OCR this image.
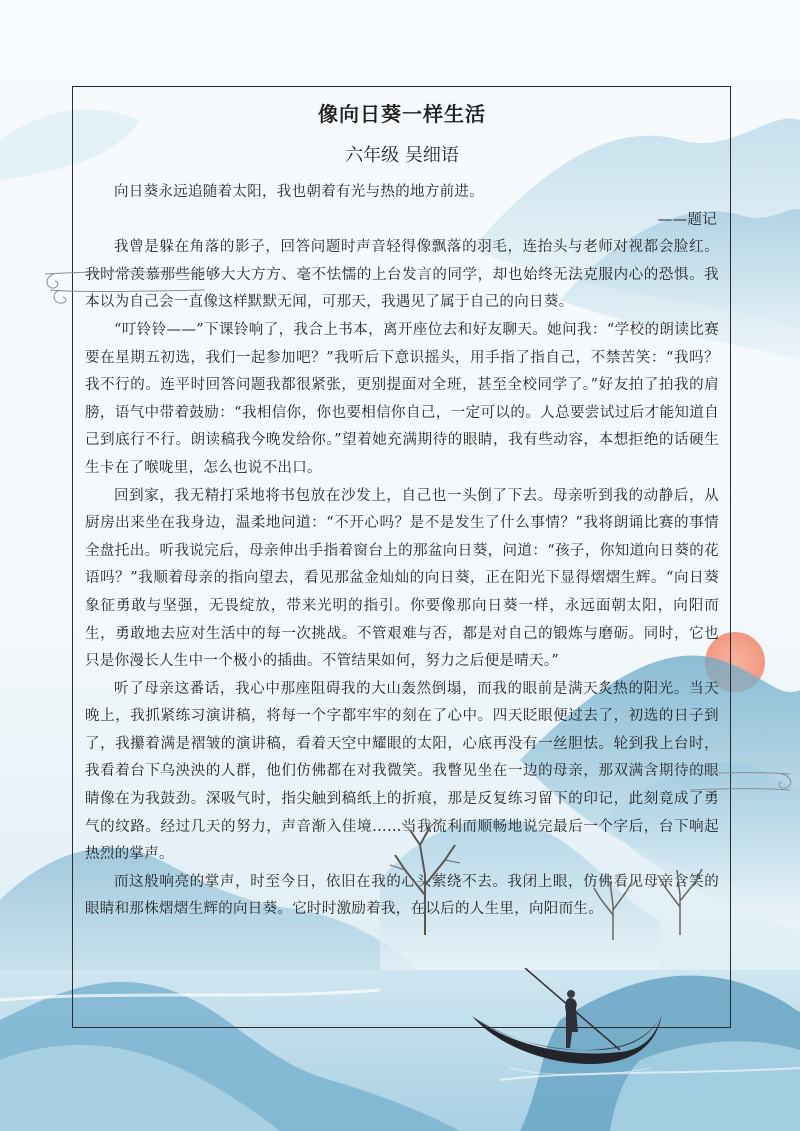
像向日葵一样生活
六年级 吴细语

向日葵永远追随着太阳，我也朝着有光与热的地方前进。

——题记

我曾是躲在角落的影子，回答问题时声音轻得像飘落的羽毛，连抬头与老师对视都会脸红。我时常羡慕那些能够大大方方、毫不怯懦的上台发言的同学，却也始终无法克服内心的恐惧。我本以为自己会一直像这样默默无闻，可那天，我遇见了属于自己的向日葵。

“叮铃铃——”下课铃响了，我合上书本，离开座位去和好友聊天。她问我：“学校的朗读比赛要在星期五初选，我们一起参加吧？”我听后下意识摇头，用手指了指自己，不禁苦笑：“我吗？我不行的。连平时回答问题我都很紧张，更别提面对全班，甚至全校同学了。”好友拍了拍我的肩膀，语气中带着鼓励：“我相信你，你也要相信你自己，一定可以的。人总要尝试过后才能知道自己到底行不行。朗读稿我今晚发给你。”望着她充满期待的眼睛，我有些动容，本想拒绝的话硬生生卡在了喉咙里，怎么也说不出口。

回到家，我无精打采地将书包放在沙发上，自己也一头倒了下去。母亲听到我的动静后，从厨房出来坐在我身边，温柔地问道：“不开心吗？是不是发生了什么事情？”我将朗诵比赛的事情全盘托出。听我说完后，母亲伸出手指着窗台上的那盆向日葵，问道：“孩子，你知道向日葵的花语吗？”我顺着母亲的指向望去，看见那盆金灿灿的向日葵，正在阳光下显得熠熠生辉。“向日葵象征勇敢与坚强，无畏绽放，带来光明的指引。你要像那向日葵一样，永远面朝太阳，向阳而生，勇敢地去应对生活中的每一次挑战。不管艰难与否，都是对自己的锻炼与磨砺。同时，它也只是你漫长人生中一个极小的插曲。不管结果如何，努力之后便是晴天。”

听了母亲这番话，我心中那座阻碍我的大山轰然倒塌，而我的眼前是满天炙热的阳光。当天晚上，我抓紧练习演讲稿，将每一个字都牢牢的刻在了心中。四天眨眼便过去了，初选的日子到了，我攥着满是褶皱的演讲稿，看着天空中耀眼的太阳，心底再没有一丝胆怯。轮到我上台时，我看着台下乌泱泱的人群，他们仿佛都在对我微笑。我瞥见坐在一边的母亲，那双满含期待的眼睛像在为我鼓劲。深吸气时，指尖触到稿纸上的折痕，那是反复练习留下的印记，此刻竟成了勇气的纹路。经过几天的努力，声音渐入佳境……当我流利而顺畅地说完最后一个字后，台下响起热烈的掌声。

而这般响亮的掌声，时至今日，依旧在我的心头萦绕不去。我闭上眼，仿佛看见母亲含笑的眼睛和那株熠熠生辉的向日葵。它时时激励着我，在以后的人生里，向阳而生。
